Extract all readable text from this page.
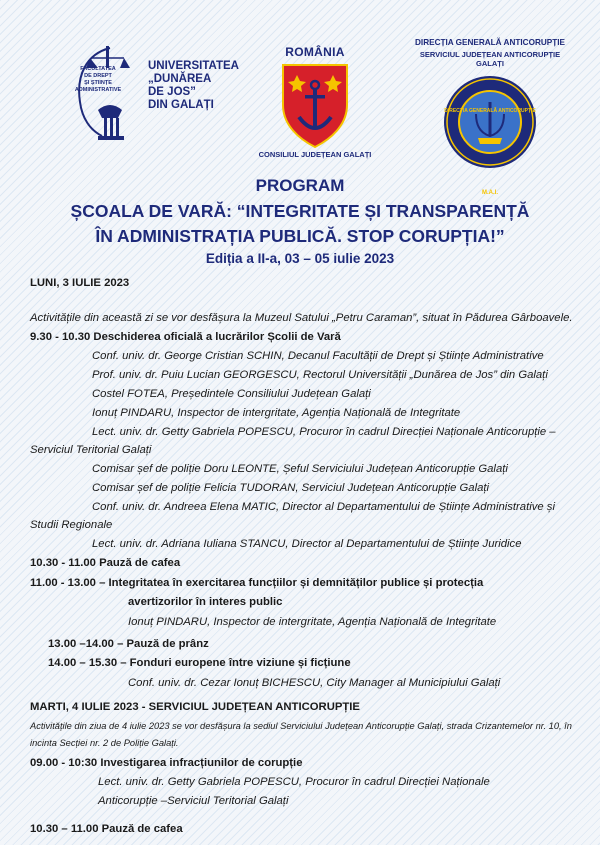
FACULTATEA
DE DREPT
ȘI ȘTIINȚE
ADMINISTRATIVE
UNIVERSITATEA
„DUNĂREA
DE JOS”
DIN GALAȚI
ROMÂNIA
CONSILIUL JUDEȚEAN GALAȚI
DIRECȚIA GENERALĂ ANTICORUPȚIE
SERVICIUL JUDEȚEAN ANTICORUPȚIE GALAȚI
DIRECȚIA GENERALĂ ANTICORUPȚIE
M.A.I.
PROGRAM
ȘCOALA DE VARĂ: “INTEGRITATE ȘI TRANSPARENȚĂ
ÎN ADMINISTRAȚIA PUBLICĂ. STOP CORUPȚIA!”
Ediția a II-a, 03 – 05 iulie 2023
LUNI, 3 IULIE 2023
Activitățile din această zi se vor desfășura la Muzeul Satului „Petru Caraman”, situat în Pădurea Gârboavele.
9.30 - 10.30 Deschiderea oficială a lucrărilor Școlii de Vară
Conf. univ. dr. George Cristian SCHIN, Decanul Facultății de Drept și Științe Administrative
Prof. univ. dr. Puiu Lucian GEORGESCU, Rectorul Universității „Dunărea de Jos” din Galați
Costel FOTEA, Președintele Consiliului Județean Galați
Ionuț PINDARU, Inspector de intergritate, Agenția Națională de Integritate
Lect. univ. dr. Getty Gabriela POPESCU, Procuror în cadrul Direcției Naționale Anticorupție –
Serviciul Teritorial Galați
Comisar șef de poliție Doru LEONTE, Șeful Serviciului Județean Anticorupție Galați
Comisar șef de poliție Felicia TUDORAN, Serviciul Județean Anticorupție Galați
Conf. univ. dr. Andreea Elena MATIC, Director al Departamentului de Științe Administrative și
Studii Regionale
Lect. univ. dr. Adriana Iuliana STANCU, Director al Departamentului de Științe Juridice
10.30 - 11.00 Pauză de cafea
11.00 - 13.00 – Integritatea în exercitarea funcțiilor și demnităților publice și protecția
avertizorilor în interes public
Ionuț PINDARU, Inspector de intergritate, Agenția Națională de Integritate
13.00 –14.00 – Pauză de prânz
14.00 – 15.30 – Fonduri europene între viziune și ficțiune
Conf. univ. dr. Cezar Ionuț BICHESCU, City Manager al Municipiului Galați
MARTI, 4 IULIE 2023 - SERVICIUL JUDEȚEAN ANTICORUPȚIE
Activitățile din ziua de 4 iulie 2023 se vor desfășura la sediul Serviciului Județean Anticorupție Galați, strada Crizantemelor nr. 10, în
incinta Secției nr. 2 de Poliție Galați.
09.00 - 10:30 Investigarea infracțiunilor de corupție
Lect. univ. dr. Getty Gabriela POPESCU, Procuror în cadrul Direcției Naționale
Anticorupție –Serviciul Teritorial Galați
10.30 – 11.00 Pauză de cafea
